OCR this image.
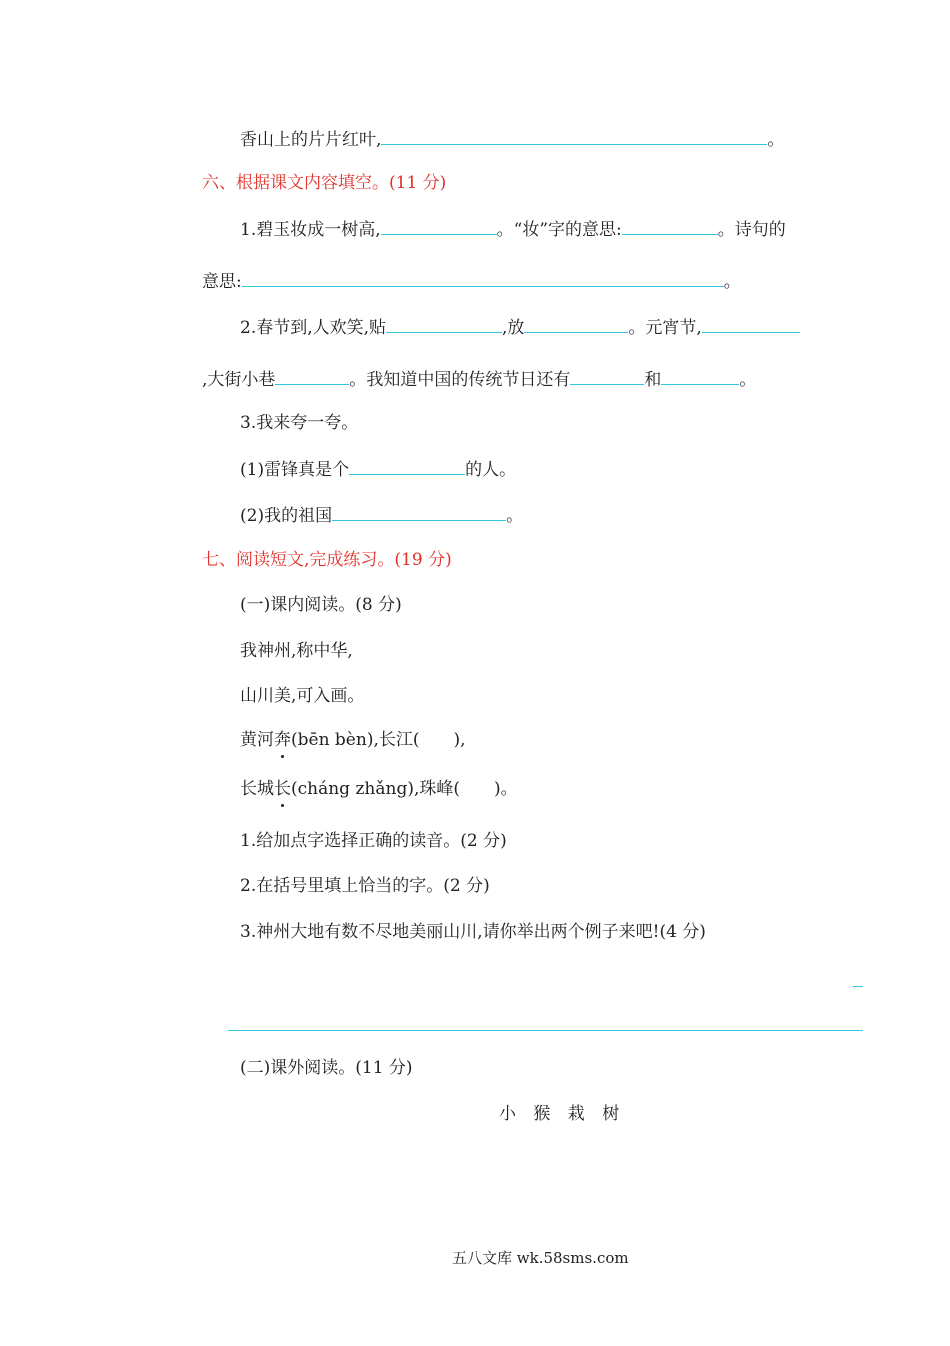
香山上的片片红叶,	。
六、根据课文内容填空。(11 分)
1.碧玉妆成一树高,	。“妆”字的意思:	。诗句的
意思:	。
2.春节到,人欢笑,贴	,放	。元宵节,
,大街小巷	。我知道中国的传统节日还有	和	。
3.我来夸一夸。
(1)雷锋真是个	的人。
(2)我的祖国	。
七、阅读短文,完成练习。(19 分)
(一)课内阅读。(8 分)
我神州,称中华,
山川美,可入画。
黄河奔(bēn bèn),长江(　　),
长城长(cháng zhǎng),珠峰(　　)。
1.给加点字选择正确的读音。(2 分)
2.在括号里填上恰当的字。(2 分)
3.神州大地有数不尽地美丽山川,请你举出两个例子来吧!(4 分)
(二)课外阅读。(11 分)
小 猴 栽 树
五八文库 wk.58sms.com
